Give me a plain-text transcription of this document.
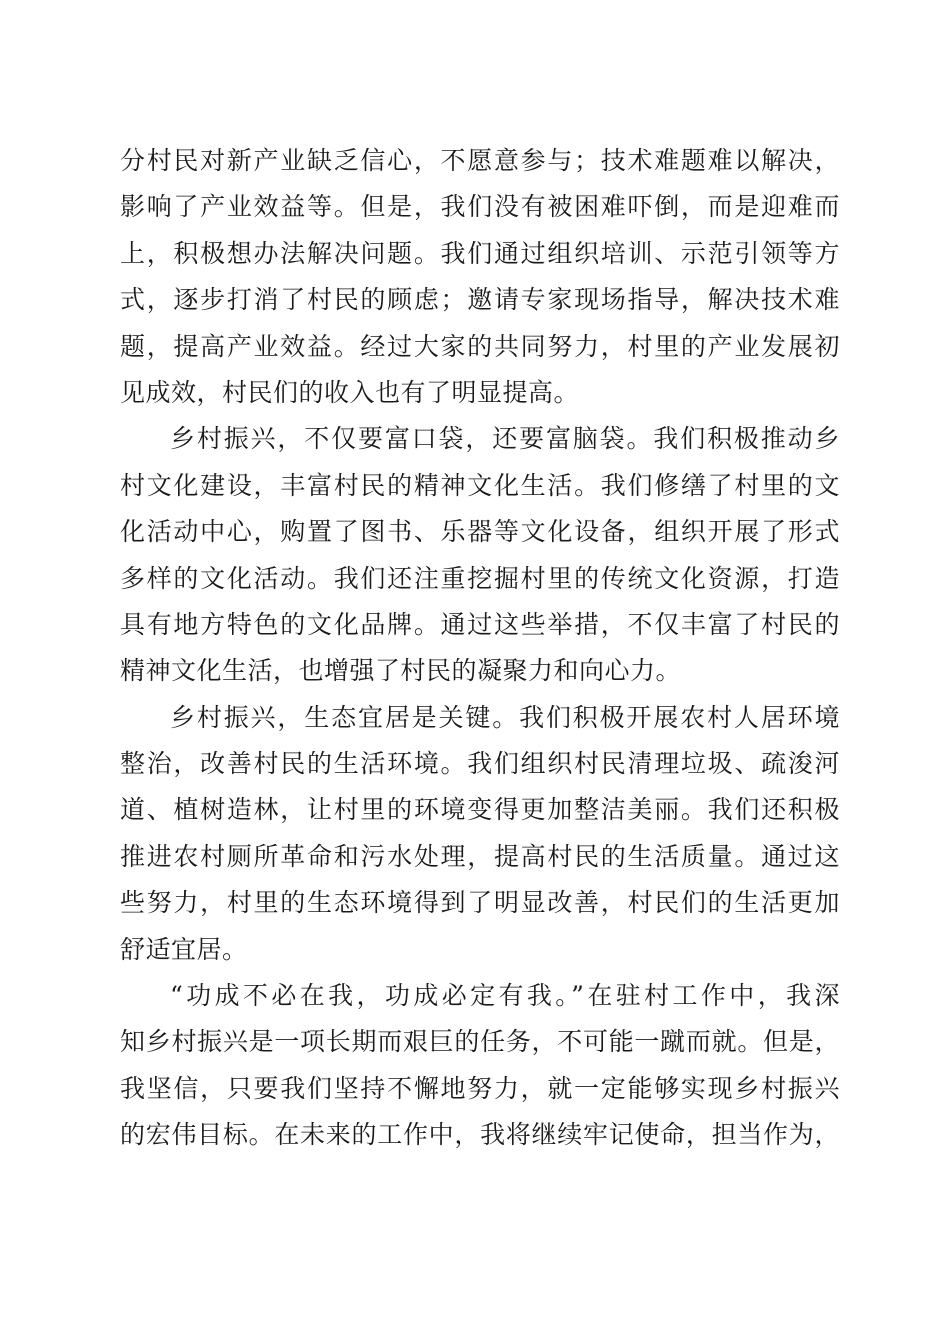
分村民对新产业缺乏信心，不愿意参与；技术难题难以解决，
影响了产业效益等。但是，我们没有被困难吓倒，而是迎难而
上，积极想办法解决问题。我们通过组织培训、示范引领等方
式，逐步打消了村民的顾虑；邀请专家现场指导，解决技术难
题，提高产业效益。经过大家的共同努力，村里的产业发展初
见成效，村民们的收入也有了明显提高。
乡村振兴，不仅要富口袋，还要富脑袋。我们积极推动乡
村文化建设，丰富村民的精神文化生活。我们修缮了村里的文
化活动中心，购置了图书、乐器等文化设备，组织开展了形式
多样的文化活动。我们还注重挖掘村里的传统文化资源，打造
具有地方特色的文化品牌。通过这些举措，不仅丰富了村民的
精神文化生活，也增强了村民的凝聚力和向心力。
乡村振兴，生态宜居是关键。我们积极开展农村人居环境
整治，改善村民的生活环境。我们组织村民清理垃圾、疏浚河
道、植树造林，让村里的环境变得更加整洁美丽。我们还积极
推进农村厕所革命和污水处理，提高村民的生活质量。通过这
些努力，村里的生态环境得到了明显改善，村民们的生活更加
舒适宜居。
“功成不必在我，功成必定有我。”在驻村工作中，我深
知乡村振兴是一项长期而艰巨的任务，不可能一蹴而就。但是，
我坚信，只要我们坚持不懈地努力，就一定能够实现乡村振兴
的宏伟目标。在未来的工作中，我将继续牢记使命，担当作为，
